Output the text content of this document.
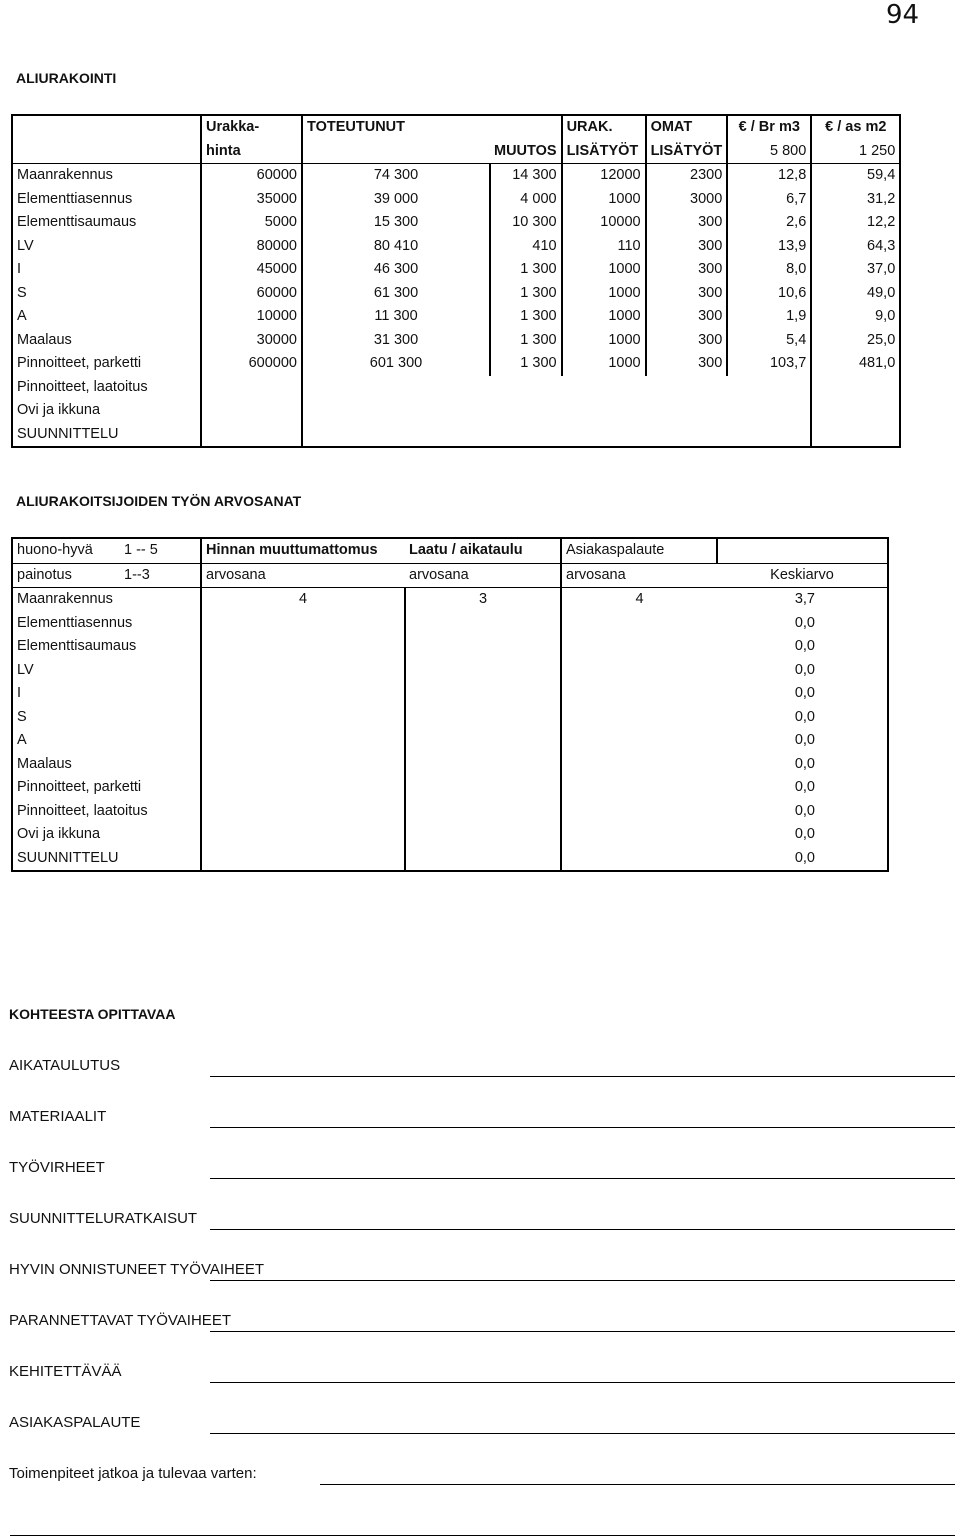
94
ALIURAKOINTI
	Urakka-	TOTEUTUNUT		URAK.	OMAT	€ / Br m3	€ / as m2
	hinta		MUUTOS	LISÄTYÖT	LISÄTYÖT	5 800	1 250
Maanrakennus	60000	74 300	14 300	12000	2300	12,8	59,4
Elementtiasennus	35000	39 000	4 000	1000	3000	6,7	31,2
Elementtisaumaus	5000	15 300	10 300	10000	300	2,6	12,2
LV	80000	80 410	410	110	300	13,9	64,3
I	45000	46 300	1 300	1000	300	8,0	37,0
S	60000	61 300	1 300	1000	300	10,6	49,0
A	10000	11 300	1 300	1000	300	1,9	9,0
Maalaus	30000	31 300	1 300	1000	300	5,4	25,0
Pinnoitteet, parketti	600000	601 300	1 300	1000	300	103,7	481,0
Pinnoitteet, laatoitus							
Ovi ja ikkuna							
SUUNNITTELU							
ALIURAKOITSIJOIDEN TYÖN ARVOSANAT
huono-hyvä	1 -- 5	Hinnan muuttumattomus	Laatu / aikataulu	Asiakaspalaute	
painotus	1--3	arvosana	arvosana	arvosana	Keskiarvo
Maanrakennus		4	3	4	3,7
Elementtiasennus					0,0
Elementtisaumaus					0,0
LV					0,0
I					0,0
S					0,0
A					0,0
Maalaus					0,0
Pinnoitteet, parketti					0,0
Pinnoitteet, laatoitus					0,0
Ovi ja ikkuna					0,0
SUUNNITTELU					0,0
KOHTEESTA OPITTAVAA
AIKATAULUTUS
MATERIAALIT
TYÖVIRHEET
SUUNNITTELURATKAISUT
HYVIN ONNISTUNEET TYÖVAIHEET
PARANNETTAVAT TYÖVAIHEET
KEHITETTÄVÄÄ
ASIAKASPALAUTE
Toimenpiteet jatkoa ja tulevaa varten:
